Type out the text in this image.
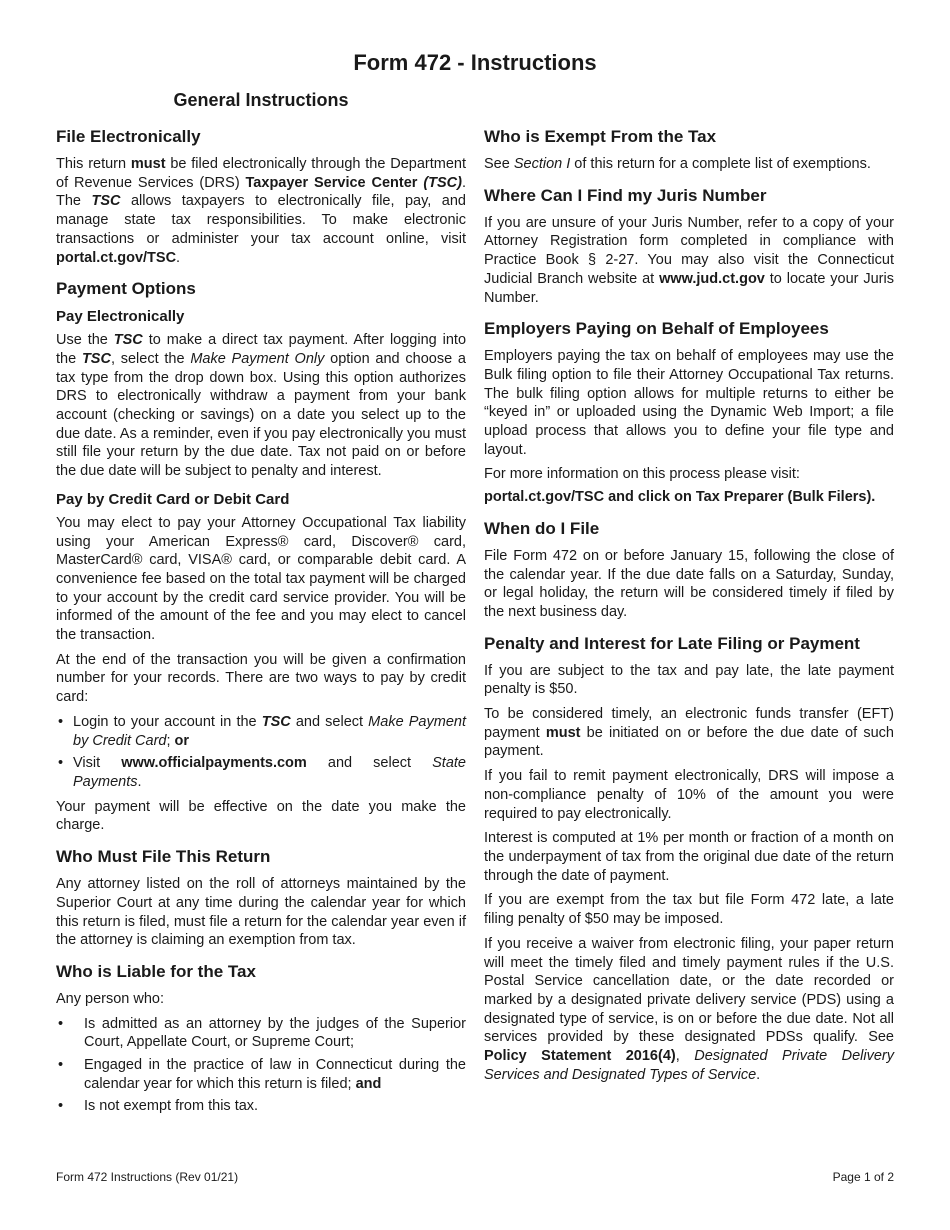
Form 472 - Instructions
General Instructions
File Electronically

This return must be filed electronically through the Department of Revenue Services (DRS) Taxpayer Service Center (TSC). The TSC allows taxpayers to electronically file, pay, and manage state tax responsibilities. To make electronic transactions or administer your tax account online, visit portal.ct.gov/TSC.

Payment Options
Pay Electronically

Use the TSC to make a direct tax payment. After logging into the TSC, select the Make Payment Only option and choose a tax type from the drop down box. Using this option authorizes DRS to electronically withdraw a payment from your bank account (checking or savings) on a date you select up to the due date. As a reminder, even if you pay electronically you must still file your return by the due date. Tax not paid on or before the due date will be subject to penalty and interest.

Pay by Credit Card or Debit Card

You may elect to pay your Attorney Occupational Tax liability using your American Express® card, Discover® card, MasterCard® card, VISA® card, or comparable debit card. A convenience fee based on the total tax payment will be charged to your account by the credit card service provider. You will be informed of the amount of the fee and you may elect to cancel the transaction.

At the end of the transaction you will be given a confirmation number for your records. There are two ways to pay by credit card:

• Login to your account in the TSC and select Make Payment by Credit Card; or
• Visit www.officialpayments.com and select State Payments.

Your payment will be effective on the date you make the charge.

Who Must File This Return

Any attorney listed on the roll of attorneys maintained by the Superior Court at any time during the calendar year for which this return is filed, must file a return for the calendar year even if the attorney is claiming an exemption from tax.

Who is Liable for the Tax

Any person who:

• Is admitted as an attorney by the judges of the Superior Court, Appellate Court, or Supreme Court;
• Engaged in the practice of law in Connecticut during the calendar year for which this return is filed; and
• Is not exempt from this tax.
Who is Exempt From the Tax

See Section I of this return for a complete list of exemptions.

Where Can I Find my Juris Number

If you are unsure of your Juris Number, refer to a copy of your Attorney Registration form completed in compliance with Practice Book § 2-27. You may also visit the Connecticut Judicial Branch website at www.jud.ct.gov to locate your Juris Number.

Employers Paying on Behalf of Employees

Employers paying the tax on behalf of employees may use the Bulk filing option to file their Attorney Occupational Tax returns. The bulk filing option allows for multiple returns to either be “keyed in” or uploaded using the Dynamic Web Import; a file upload process that allows you to define your file type and layout.

For more information on this process please visit:

portal.ct.gov/TSC and click on Tax Preparer (Bulk Filers).

When do I File

File Form 472 on or before January 15, following the close of the calendar year. If the due date falls on a Saturday, Sunday, or legal holiday, the return will be considered timely if filed by the next business day.

Penalty and Interest for Late Filing or Payment

If you are subject to the tax and pay late, the late payment penalty is $50.

To be considered timely, an electronic funds transfer (EFT) payment must be initiated on or before the due date of such payment.

If you fail to remit payment electronically, DRS will impose a non-compliance penalty of 10% of the amount you were required to pay electronically.

Interest is computed at 1% per month or fraction of a month on the underpayment of tax from the original due date of the return through the date of payment.

If you are exempt from the tax but file Form 472 late, a late filing penalty of $50 may be imposed.

If you receive a waiver from electronic filing, your paper return will meet the timely filed and timely payment rules if the U.S. Postal Service cancellation date, or the date recorded or marked by a designated private delivery service (PDS) using a designated type of service, is on or before the due date. Not all services provided by these designated PDSs qualify. See Policy Statement 2016(4), Designated Private Delivery Services and Designated Types of Service.

Form 472 Instructions (Rev 01/21)	Page 1 of 2
